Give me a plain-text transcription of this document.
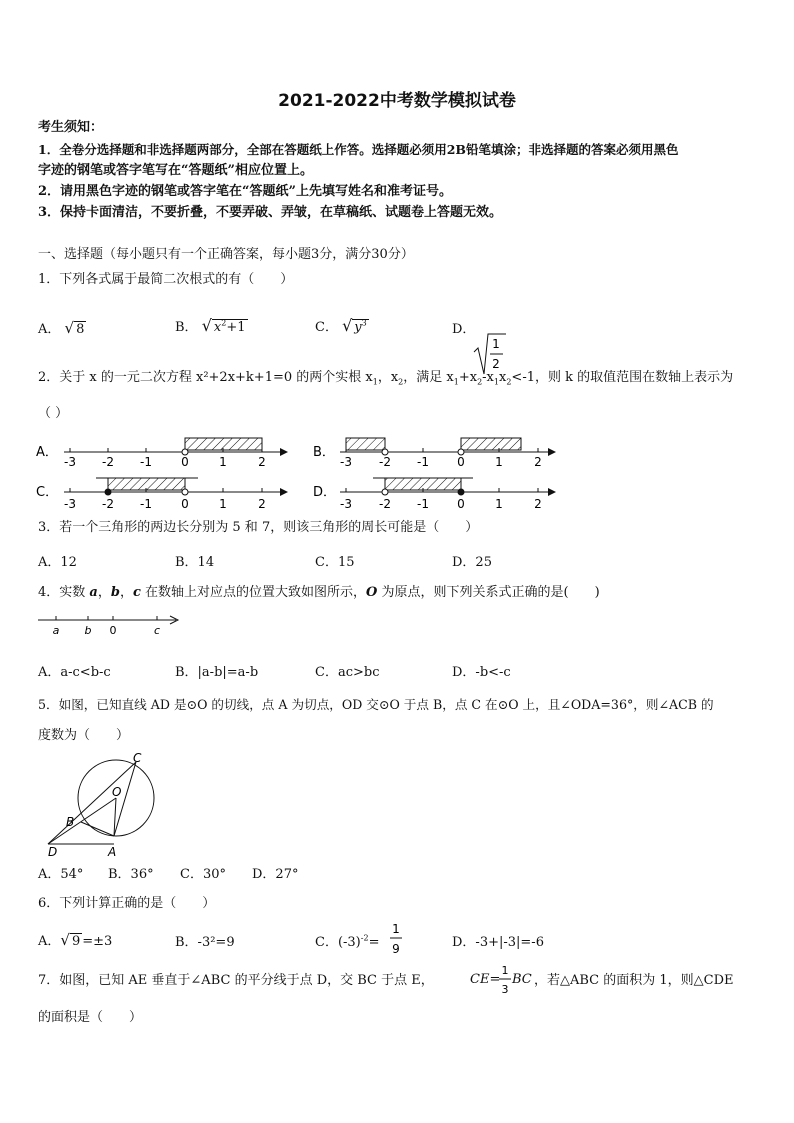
2021-2022中考数学模拟试卷
考生须知：
1．全卷分选择题和非选择题两部分，全部在答题纸上作答。选择题必须用2B铅笔填涂；非选择题的答案必须用黑色
字迹的钢笔或答字笔写在“答题纸”相应位置上。
2．请用黑色字迹的钢笔或答字笔在“答题纸”上先填写姓名和准考证号。
3．保持卡面清洁，不要折叠，不要弄破、弄皱，在草稿纸、试题卷上答题无效。
一、选择题（每小题只有一个正确答案，每小题3分，满分30分）
1．下列各式属于最简二次根式的有（　　）
A． √ 8	B． √ $x^2+1$	C． √ $y^3$	D．
1
2
2．关于 x 的一元二次方程 x²+2x+k+1=0 的两个实根 $x_1$，$x_2$，满足 $x_1+x_2-x_1x_2<-1$，则 k 的取值范围在数轴上表示为
（ ）
A．
-3 -2 -1 0	1	2
B．
-3 -2 -1 0	1	2
C．
-3 -2 -1 0	1	2
D．
-3 -2 -1 0	1	2
3．若一个三角形的两边长分别为 5 和 7，则该三角形的周长可能是（　　）
A．12	B．14	C．15	D．25
4．实数 a，b，c 在数轴上对应点的位置大致如图所示，O 为原点，则下列关系式正确的是(　　)
a b 0	c
A．a-c<b-c	B．|a-b|=a-b	C．ac>bc	D．-b<-c
5．如图，已知直线 AD 是⊙O 的切线，点 A 为切点，OD 交⊙O 于点 B，点 C 在⊙O 上，且∠ODA=36°，则∠ACB 的
度数为（　　）
C
O
B
D	A
A．54° B．36° C．30° D．27°
6．下列计算正确的是（　　）
A．√ 9 =±3	B．-3²=9	C．$(-3)^{-2}=$
1
9	D．-3+|-3|=-6
7．如图，已知 AE 垂直于∠ABC 的平分线于点 D，交 BC 于点 E，	CE=
1
3
BC ，若△ABC 的面积为 1，则△CDE
的面积是（　　）
